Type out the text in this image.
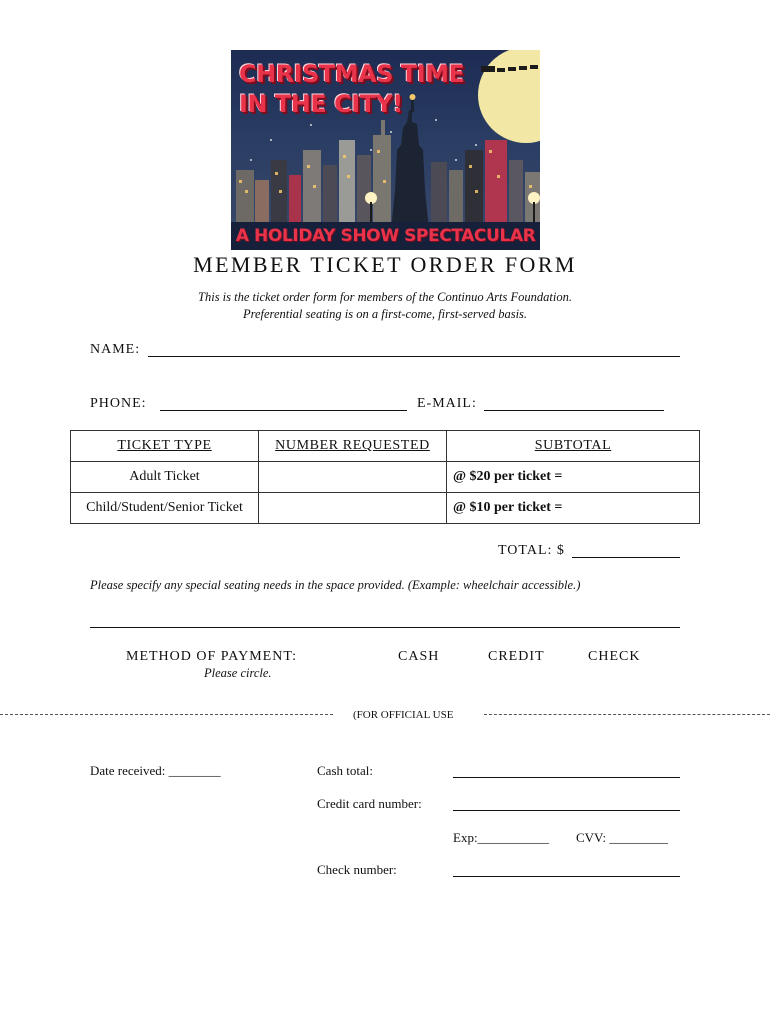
CHRISTMAS TIME
IN THE CITY!
A HOLIDAY SHOW SPECTACULAR
MEMBER TICKET ORDER FORM
This is the ticket order form for members of the Continuo Arts Foundation.
Preferential seating is on a first-come, first-served basis.
NAME:
PHONE:	E-MAIL:
TICKET TYPE	NUMBER REQUESTED	SUBTOTAL
Adult Ticket		@ $20 per ticket =
Child/Student/Senior Ticket		@ $10 per ticket =
TOTAL: $
Please specify any special seating needs in the space provided. (Example: wheelchair accessible.)
METHOD OF PAYMENT:
Please circle.
CASH	CREDIT	CHECK
(FOR OFFICIAL USE
Date received: ________	Cash total:
Credit card number:
Exp:___________ CVV: _________
Check number:
